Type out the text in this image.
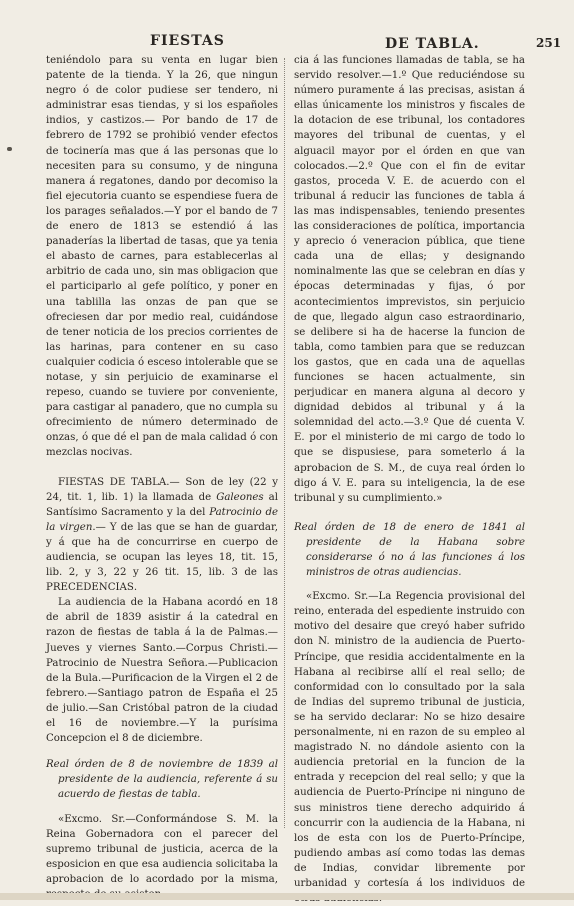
FIESTAS	DE TABLA.	251

teniéndolo para su venta en lugar bien patente de la tienda. Y la 26, que ningun negro ó de color pudiese ser tendero, ni administrar esas tiendas, y si los españoles indios, y castizos.— Por bando de 17 de febrero de 1792 se prohibió vender efectos de tocinería mas que á las personas que lo necesiten para su consumo, y de ninguna manera á regatones, dando por decomiso la fiel ejecutoria cuanto se espendiese fuera de los parages señalados.—Y por el bando de 7 de enero de 1813 se estendió á las panaderías la libertad de tasas, que ya tenia el abasto de carnes, para establecerlas al arbitrio de cada uno, sin mas obligacion que el participarlo al gefe político, y poner en una tablilla las onzas de pan que se ofreciesen dar por medio real, cuidándose de tener noticia de los precios corrientes de las harinas, para contener en su caso cualquier codicia ó esceso intolerable que se notase, y sin perjuicio de examinarse el repeso, cuando se tuviere por conveniente, para castigar al panadero, que no cumpla su ofrecimiento de número determinado de onzas, ó que dé el pan de mala calidad ó con mezclas nocivas.

FIESTAS DE TABLA.— Son de ley (22 y 24, tit. 1, lib. 1) la llamada de Galeones al Santísimo Sacramento y la del Patrocinio de la virgen.— Y de las que se han de guardar, y á que ha de concurrirse en cuerpo de audiencia, se ocupan las leyes 18, tit. 15, lib. 2, y 3, 22 y 26 tit. 15, lib. 3 de las PRECEDENCIAS.

La audiencia de la Habana acordó en 18 de abril de 1839 asistir á la catedral en razon de fiestas de tabla á la de Palmas.—Jueves y viernes Santo.—Corpus Christi.—Patrocinio de Nuestra Señora.—Publicacion de la Bula.—Purificacion de la Virgen el 2 de febrero.—Santiago patron de España el 25 de julio.—San Cristóbal patron de la ciudad el 16 de noviembre.—Y la purísima Concepcion el 8 de diciembre.

Real órden de 8 de noviembre de 1839 al presidente de la audiencia, referente á su acuerdo de fiestas de tabla.

«Excmo. Sr.—Conformándose S. M. la Reina Gobernadora con el parecer del supremo tribunal de justicia, acerca de la esposicion en que esa audiencia solicitaba la aprobacion de lo acordado por la misma,

cia á las funciones llamadas de tabla, se ha servido resolver.—1.º Que reduciéndose su número puramente á las precisas, asistan á ellas únicamente los ministros y fiscales de la dotacion de ese tribunal, los contadores mayores del tribunal de cuentas, y el alguacil mayor por el órden en que van colocados.—2.º Que con el fin de evitar gastos, proceda V. E. de acuerdo con el tribunal á reducir las funciones de tabla á las mas indispensables, teniendo presentes las consideraciones de política, importancia y aprecio ó veneracion pública, que tiene cada una de ellas; y designando nominalmente las que se celebran en días y épocas determinadas y fijas, ó por acontecimientos imprevistos, sin perjuicio de que, llegado algun caso estraordinario, se delibere si ha de hacerse la funcion de tabla, como tambien para que se reduzcan los gastos, que en cada una de aquellas funciones se hacen actualmente, sin perjudicar en manera alguna al decoro y dignidad debidos al tribunal y á la solemnidad del acto.—3.º Que dé cuenta V. E. por el ministerio de mi cargo de todo lo que se dispusiese, para someterlo á la aprobacion de S. M., de cuya real órden lo digo á V. E. para su inteligencia, la de ese tribunal y su cumplimiento.»

Real órden de 18 de enero de 1841 al presidente de la Habana sobre considerarse ó no á las funciones á los ministros de otras audiencias.

«Excmo. Sr.—La Regencia provisional del reino, enterada del espediente instruido con motivo del desaire que creyó haber sufrido don N. ministro de la audiencia de Puerto-Príncipe, que residia accidentalmente en la Habana al recibirse allí el real sello; de conformidad con lo consultado por la sala de Indias del supremo tribunal de justicia, se ha servido declarar: No se hizo desaire personalmente, ni en razon de su empleo al magistrado N. no dándole asiento con la audiencia pretorial en la funcion de la entrada y recepcion del real sello; y que la audiencia de Puerto-Príncipe ni ninguno de sus ministros tiene derecho adquirido á concurrir con la audiencia de la Habana, ni los de esta con los de Puerto-Príncipe, pudiendo ambas así como todas las demas de Indias, convidar libremente por urbanidad y cortesía á los individuos de
